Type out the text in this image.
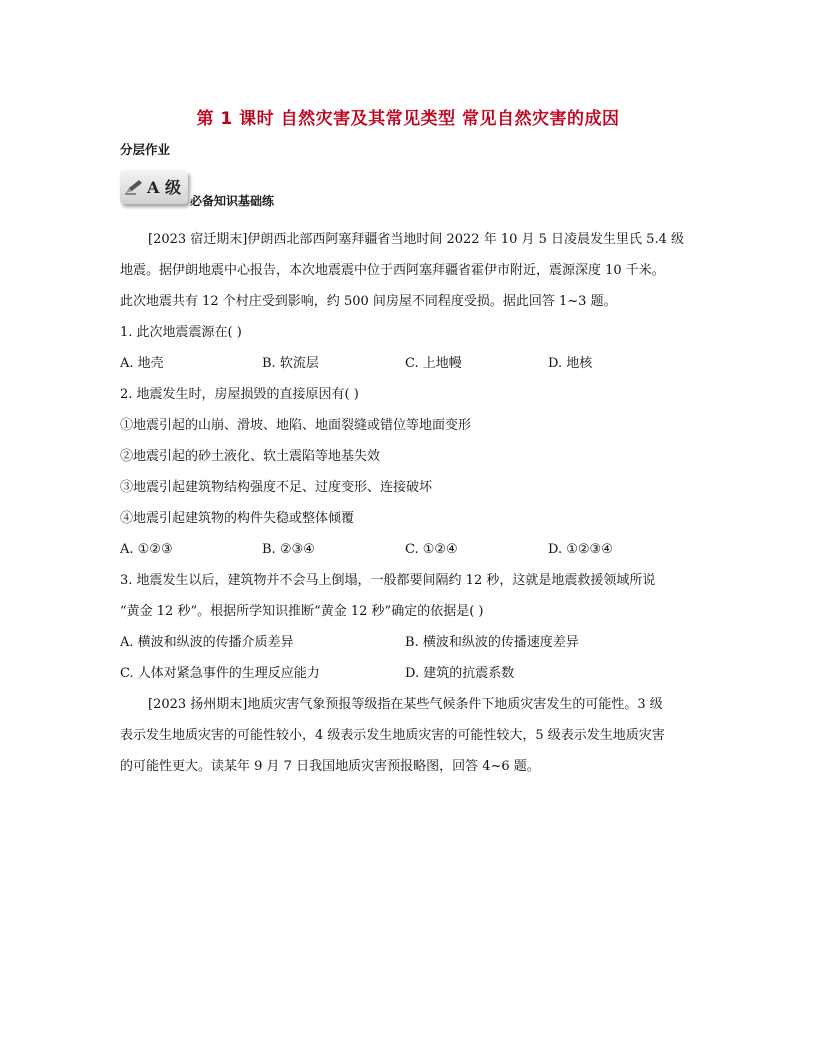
第 1 课时 自然灾害及其常见类型 常见自然灾害的成因
分层作业
A 级
必备知识基础练
[2023 宿迁期末]伊朗西北部西阿塞拜疆省当地时间 2022 年 10 月 5 日凌晨发生里氏 5.4 级
地震。据伊朗地震中心报告，本次地震震中位于西阿塞拜疆省霍伊市附近，震源深度 10 千米。
此次地震共有 12 个村庄受到影响，约 500 间房屋不同程度受损。据此回答 1~3 题。
1. 此次地震震源在( )
A. 地壳	B. 软流层	C. 上地幔	D. 地核
2. 地震发生时，房屋损毁的直接原因有( )
①地震引起的山崩、滑坡、地陷、地面裂缝或错位等地面变形
②地震引起的砂土液化、软土震陷等地基失效
③地震引起建筑物结构强度不足、过度变形、连接破坏
④地震引起建筑物的构件失稳或整体倾覆
A. ①②③	B. ②③④	C. ①②④	D. ①②③④
3. 地震发生以后，建筑物并不会马上倒塌，一般都要间隔约 12 秒，这就是地震救援领域所说
“黄金 12 秒”。根据所学知识推断“黄金 12 秒”确定的依据是( )
A. 横波和纵波的传播介质差异	B. 横波和纵波的传播速度差异
C. 人体对紧急事件的生理反应能力	D. 建筑的抗震系数
[2023 扬州期末]地质灾害气象预报等级指在某些气候条件下地质灾害发生的可能性。3 级
表示发生地质灾害的可能性较小，4 级表示发生地质灾害的可能性较大，5 级表示发生地质灾害
的可能性更大。读某年 9 月 7 日我国地质灾害预报略图，回答 4~6 题。
